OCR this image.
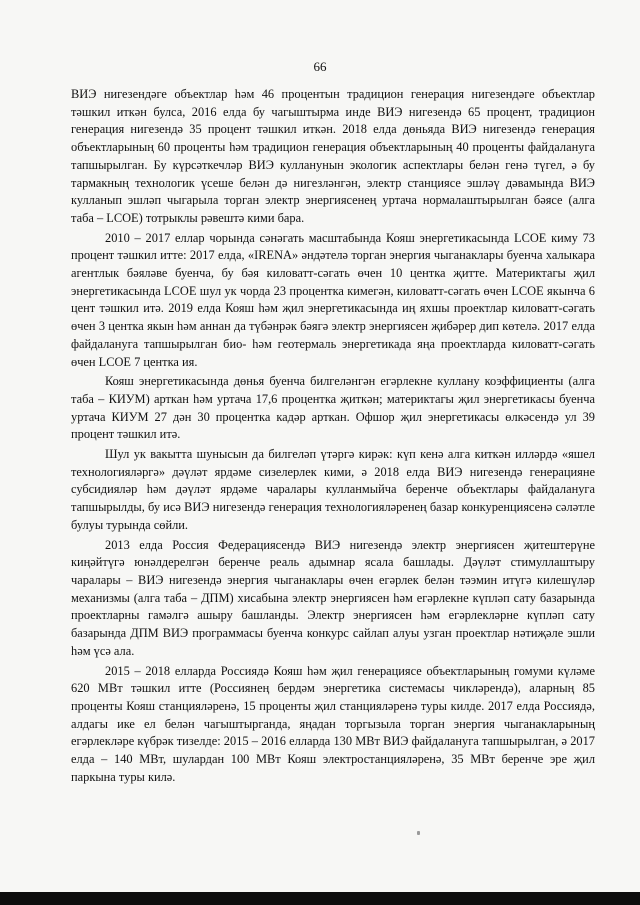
66

ВИЭ нигезендәге объектлар һәм 46 процентын традицион генерация нигезендәге объектлар тәшкил иткән булса, 2016 елда бу чагыштырма инде ВИЭ нигезендә 65 процент, традицион генерация нигезендә 35 процент тәшкил иткән. 2018 елда дөньяда ВИЭ нигезендә генерация объектларының 60 проценты һәм традицион генерация объектларының 40 проценты файдалануга тапшырылган. Бу күрсәткечләр ВИЭ кулланунын экологик аспектлары белән генә түгел, ә бу тармакның технологик үсеше белән дә нигезләнгән, электр станциясе эшләү дәвамында ВИЭ кулланып эшләп чыгарыла торган электр энергиясенең уртача нормалаштырылган бәясе (алга таба – LCOE) тотрыклы рәвештә кими бара.

2010 – 2017 еллар чорында сәнәгать масштабында Кояш энергетикасында LCOE киму 73 процент тәшкил итте: 2017 елда, «IRENA» әндәтелә торган энергия чыганаклары буенча халыкара агентлык бәяләве буенча, бу бәя киловатт-сәгать өчен 10 центка җитте. Материктагы җил энергетикасында LCOE шул ук чорда 23 процентка кимегән, киловатт-сәгать өчен LCOE якынча 6 цент тәшкил итә. 2019 елда Кояш һәм җил энергетикасында иң яхшы проектлар киловатт-сәгать өчен 3 центка якын һәм аннан да түбәнрәк бәягә электр энергиясен җибәрер дип көтелә. 2017 елда файдалануга тапшырылган био- һәм геотермаль энергетикада яңа проектларда киловатт-сәгать өчен LCOE 7 центка ия.

Кояш энергетикасында дөнья буенча билгеләнгән егәрлекне куллану коэффициенты (алга таба – КИУМ) арткан һәм уртача 17,6 процентка җиткән; материктагы җил энергетикасы буенча уртача КИУМ 27 дән 30 процентка кадәр арткан. Офшор җил энергетикасы өлкәсендә ул 39 процент тәшкил итә.

Шул ук вакытта шунысын да билгеләп үтәргә кирәк: күп кенә алга киткән илләрдә «яшел технологияләргә» дәүләт ярдәме сизелерлек кими, ә 2018 елда ВИЭ нигезендә генерацияне субсидияләр һәм дәүләт ярдәме чаралары кулланмыйча беренче объектлары файдалануга тапшырылды, бу исә ВИЭ нигезендә генерация технологияләренең базар конкуренциясенә сәләтле булуы турында сөйли.

2013 елда Россия Федерациясендә ВИЭ нигезендә электр энергиясен җитештерүне киңәйтүгә юнәлдерелгән беренче реаль адымнар ясала башлады. Дәүләт стимуллаштыру чаралары – ВИЭ нигезендә энергия чыганаклары өчен егәрлек белән тәэмин итүгә килешүләр механизмы (алга таба – ДПМ) хисабына электр энергиясен һәм егәрлекне күпләп сату базарында проектларны гамәлгә ашыру башланды. Электр энергиясен һәм егәрлекләрне күпләп сату базарында ДПМ ВИЭ программасы буенча конкурс сайлап алуы узган проектлар нәтиҗәле эшли һәм үсә ала.

2015 – 2018 елларда Россиядә Кояш һәм җил генерациясе объектларының гомуми күләме 620 МВт тәшкил итте (Россиянең бердәм энергетика системасы чикләрендә), аларның 85 проценты Кояш станцияләренә, 15 проценты җил станцияләренә туры килде. 2017 елда Россиядә, алдагы ике ел белән чагыштырганда, яңадан торгызыла торган энергия чыганакларының егәрлекләре күбрәк тизелде: 2015 – 2016 елларда 130 МВт ВИЭ файдалануга тапшырылган, ә 2017 елда – 140 МВт, шулардан 100 МВт Кояш электростанцияләренә, 35 МВт беренче эре җил паркына туры килә.
